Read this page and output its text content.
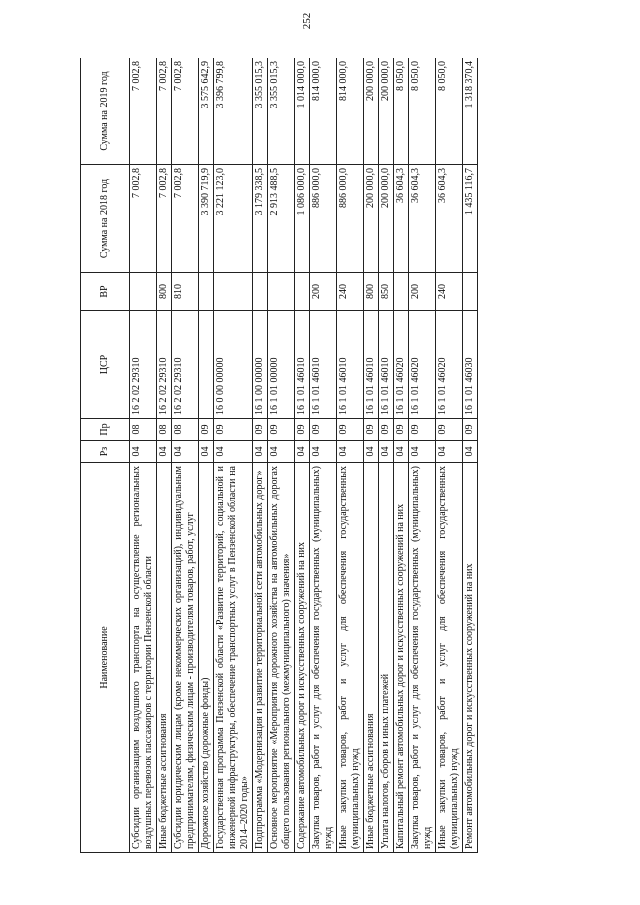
252
Наименование	Рз	Пр	ЦСР	ВР	Сумма на 2018 год	Сумма на 2019 год
Субсидии организациям воздушного транспорта на осуществление региональных воздушных перевозок пассажиров с территории Пензенской области	04	08	16 2 02 29310		7 002,8	7 002,8
Иные бюджетные ассигнования	04	08	16 2 02 29310	800	7 002,8	7 002,8
Субсидии юридическим лицам (кроме некоммерческих организаций), индивидуальным предпринимателям, физическим лицам - производителям товаров, работ, услуг	04	08	16 2 02 29310	810	7 002,8	7 002,8
Дорожное хозяйство (дорожные фонды)	04	09			3 390 719,9	3 575 642,9
Государственная программа Пензенской области «Развитие территорий, социальной и инженерной инфраструктуры, обеспечение транспортных услуг в Пензенской области на 2014–2020 годы»	04	09	16 0 00 00000		3 221 123,0	3 396 799,8
Подпрограмма «Модернизация и развитие территориальной сети автомобильных дорог»	04	09	16 1 00 00000		3 179 338,5	3 355 015,3
Основное мероприятие «Мероприятия дорожного хозяйства на автомобильных дорогах общего пользования регионального (межмуниципального) значения»	04	09	16 1 01 00000		2 913 488,5	3 355 015,3
Содержание автомобильных дорог и искусственных сооружений на них	04	09	16 1 01 46010		1 086 000,0	1 014 000,0
Закупка товаров, работ и услуг для обеспечения государственных (муниципальных) нужд	04	09	16 1 01 46010	200	886 000,0	814 000,0
Иные закупки товаров, работ и услуг для обеспечения государственных (муниципальных) нужд	04	09	16 1 01 46010	240	886 000,0	814 000,0
Иные бюджетные ассигнования	04	09	16 1 01 46010	800	200 000,0	200 000,0
Уплата налогов, сборов и иных платежей	04	09	16 1 01 46010	850	200 000,0	200 000,0
Капитальный ремонт автомобильных дорог и искусственных сооружений на них	04	09	16 1 01 46020		36 604,3	8 050,0
Закупка товаров, работ и услуг для обеспечения государственных (муниципальных) нужд	04	09	16 1 01 46020	200	36 604,3	8 050,0
Иные закупки товаров, работ и услуг для обеспечения государственных (муниципальных) нужд	04	09	16 1 01 46020	240	36 604,3	8 050,0
Ремонт автомобильных дорог и искусственных сооружений на них	04	09	16 1 01 46030		1 435 116,7	1 318 370,4
